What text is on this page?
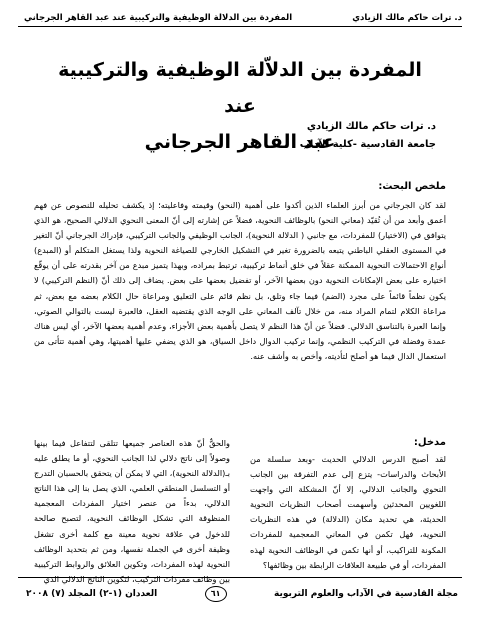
د. ترات حاكم مالك الزيادي
المفردة بين الدلالة الوظيفية والتركيبية عند عبد القاهر الجرجاني
المفردة بين الدلاّلة الوظيفية والتركيبية عند
عبد القاهر الجرجاني
د. ترات حاكم مالك الزيادي
جامعة القادسية -كلية الآداب
ملخص البحث:
لقد كان الجرجاني من أبرز العلماء الذين أكدوا على أهمية (النحو) وقيمته وفاعليته؛ إذ يكشف تحليله للنصوص عن فهم أعمق وأبعد من أن تُقيّد (معاني النحو) بالوظائف النحوية، فضلاً عن إشارته إلى أنّ المعنى النحوي الدلالي الصحيح، هو الذي يتوافق في (الاختيار) للمفردات، مع جانبي ( الدلالة النحوية)، الجانب الوظيفي والجانب التركيبي، فإدراك الجرجاني أنّ التغير في المستوى العقلي الباطني يتبعه بالضرورة تغير في التشكيل الخارجي للصياغة النحوية ولذا يستغل المتكلم أو (المبدع) أنواع الاحتمالات النحوية الممكنة عقلاً في خلق أنماط تركيبية، ترتبط بمراده، وبهذا يتميز مبدع من آخر بقدرته على أن يوقّع اختياره على بعض الإمكانات النحوية دون بعضها الآخر، أو تفضيل بعضها على بعض. يضاف إلى ذلك أنّ (النظم التركيبي) لا يكون نظماً قائماً على مجرد (الضم) فيما جاء وتلق، بل نظم قائم على التعليق ومراعاة حال الكلام بعضه مع بعض، ثم مراعاة الكلام لتمام المراد منه، من خلال تآلف المعاني على الوجه الذي يقتضيه العقل، فالعبرة ليست بالتوالي الصوتي، وإنما العبرة بالتناسق الدلالي. فضلاً عن أنّ هذا النظم لا يتصل بأهمية بعض الأجزاء، وعدم أهمية بعضها الآخر، أي ليس هناك عمدة وفضلة في التركيب النظمي، وإنما تركيب الدوال داخل السياق، هو الذي يضفي عليها أهميتها، وهي أهمية تتأتى من استعمال الدال فيما هو أصلح لتأديته، وأخص به وأشف عنه.
مدخل:
لقد أصبح الدرس الدلالي الحديث -وبعد سلسلة من الأبحاث والدراسات- يتزع إلى عدم التفرقة بين الجانب النحوي والجانب الدلالي، إلا أنّ المشكلة التي واجهت اللغويين المحدثين وأسهمت أصحاب النظريات النحوية الحديثة، هي تحديد مكان (الدلالة) في هذه النظريات النحوية، فهل تكمن في المعاني المعجمية للمفردات المكونة للتراكيب، أو أنها تكمن في الوظائف النحوية لهذه المفردات، أو في طبيعة العلاقات الرابطة بين وظائفها؟
والحقُّ أنّ هذه العناصر جميعها تتلقى لتتفاعل فيما بينها وصولاً إلى ناتج دلالي لذا الجانب النحوي، أو ما يطلق عليه بـ(الدلالة النحوية)، التي لا يمكن أن يتحقق بالحسبان التدرج أو التسلسل المنطقي العلمي، الذي يصل بنا إلى هذا الناتج الدلالي، بدءاً من عنصر اختيار المفردات المعجمية المنظوقة التي تشكل الوظائف النحوية، لتصبح صالحة للدخول في علاقة نحوية معينة مع كلمة أخرى تشغل وظيفة أخرى في الجملة نفسها، ومن ثم بتحديد الوظائف النحوية لهذه المفردات، وتكوين العلائق والروابط التركيبية بين وظائف مفردات التركيب، لتكوين الناتج الدلالي الذي
مجلة القادسية في الآداب والعلوم التربوية
٦١
العددان (١-٢) المجلد (٧) ٢٠٠٨
